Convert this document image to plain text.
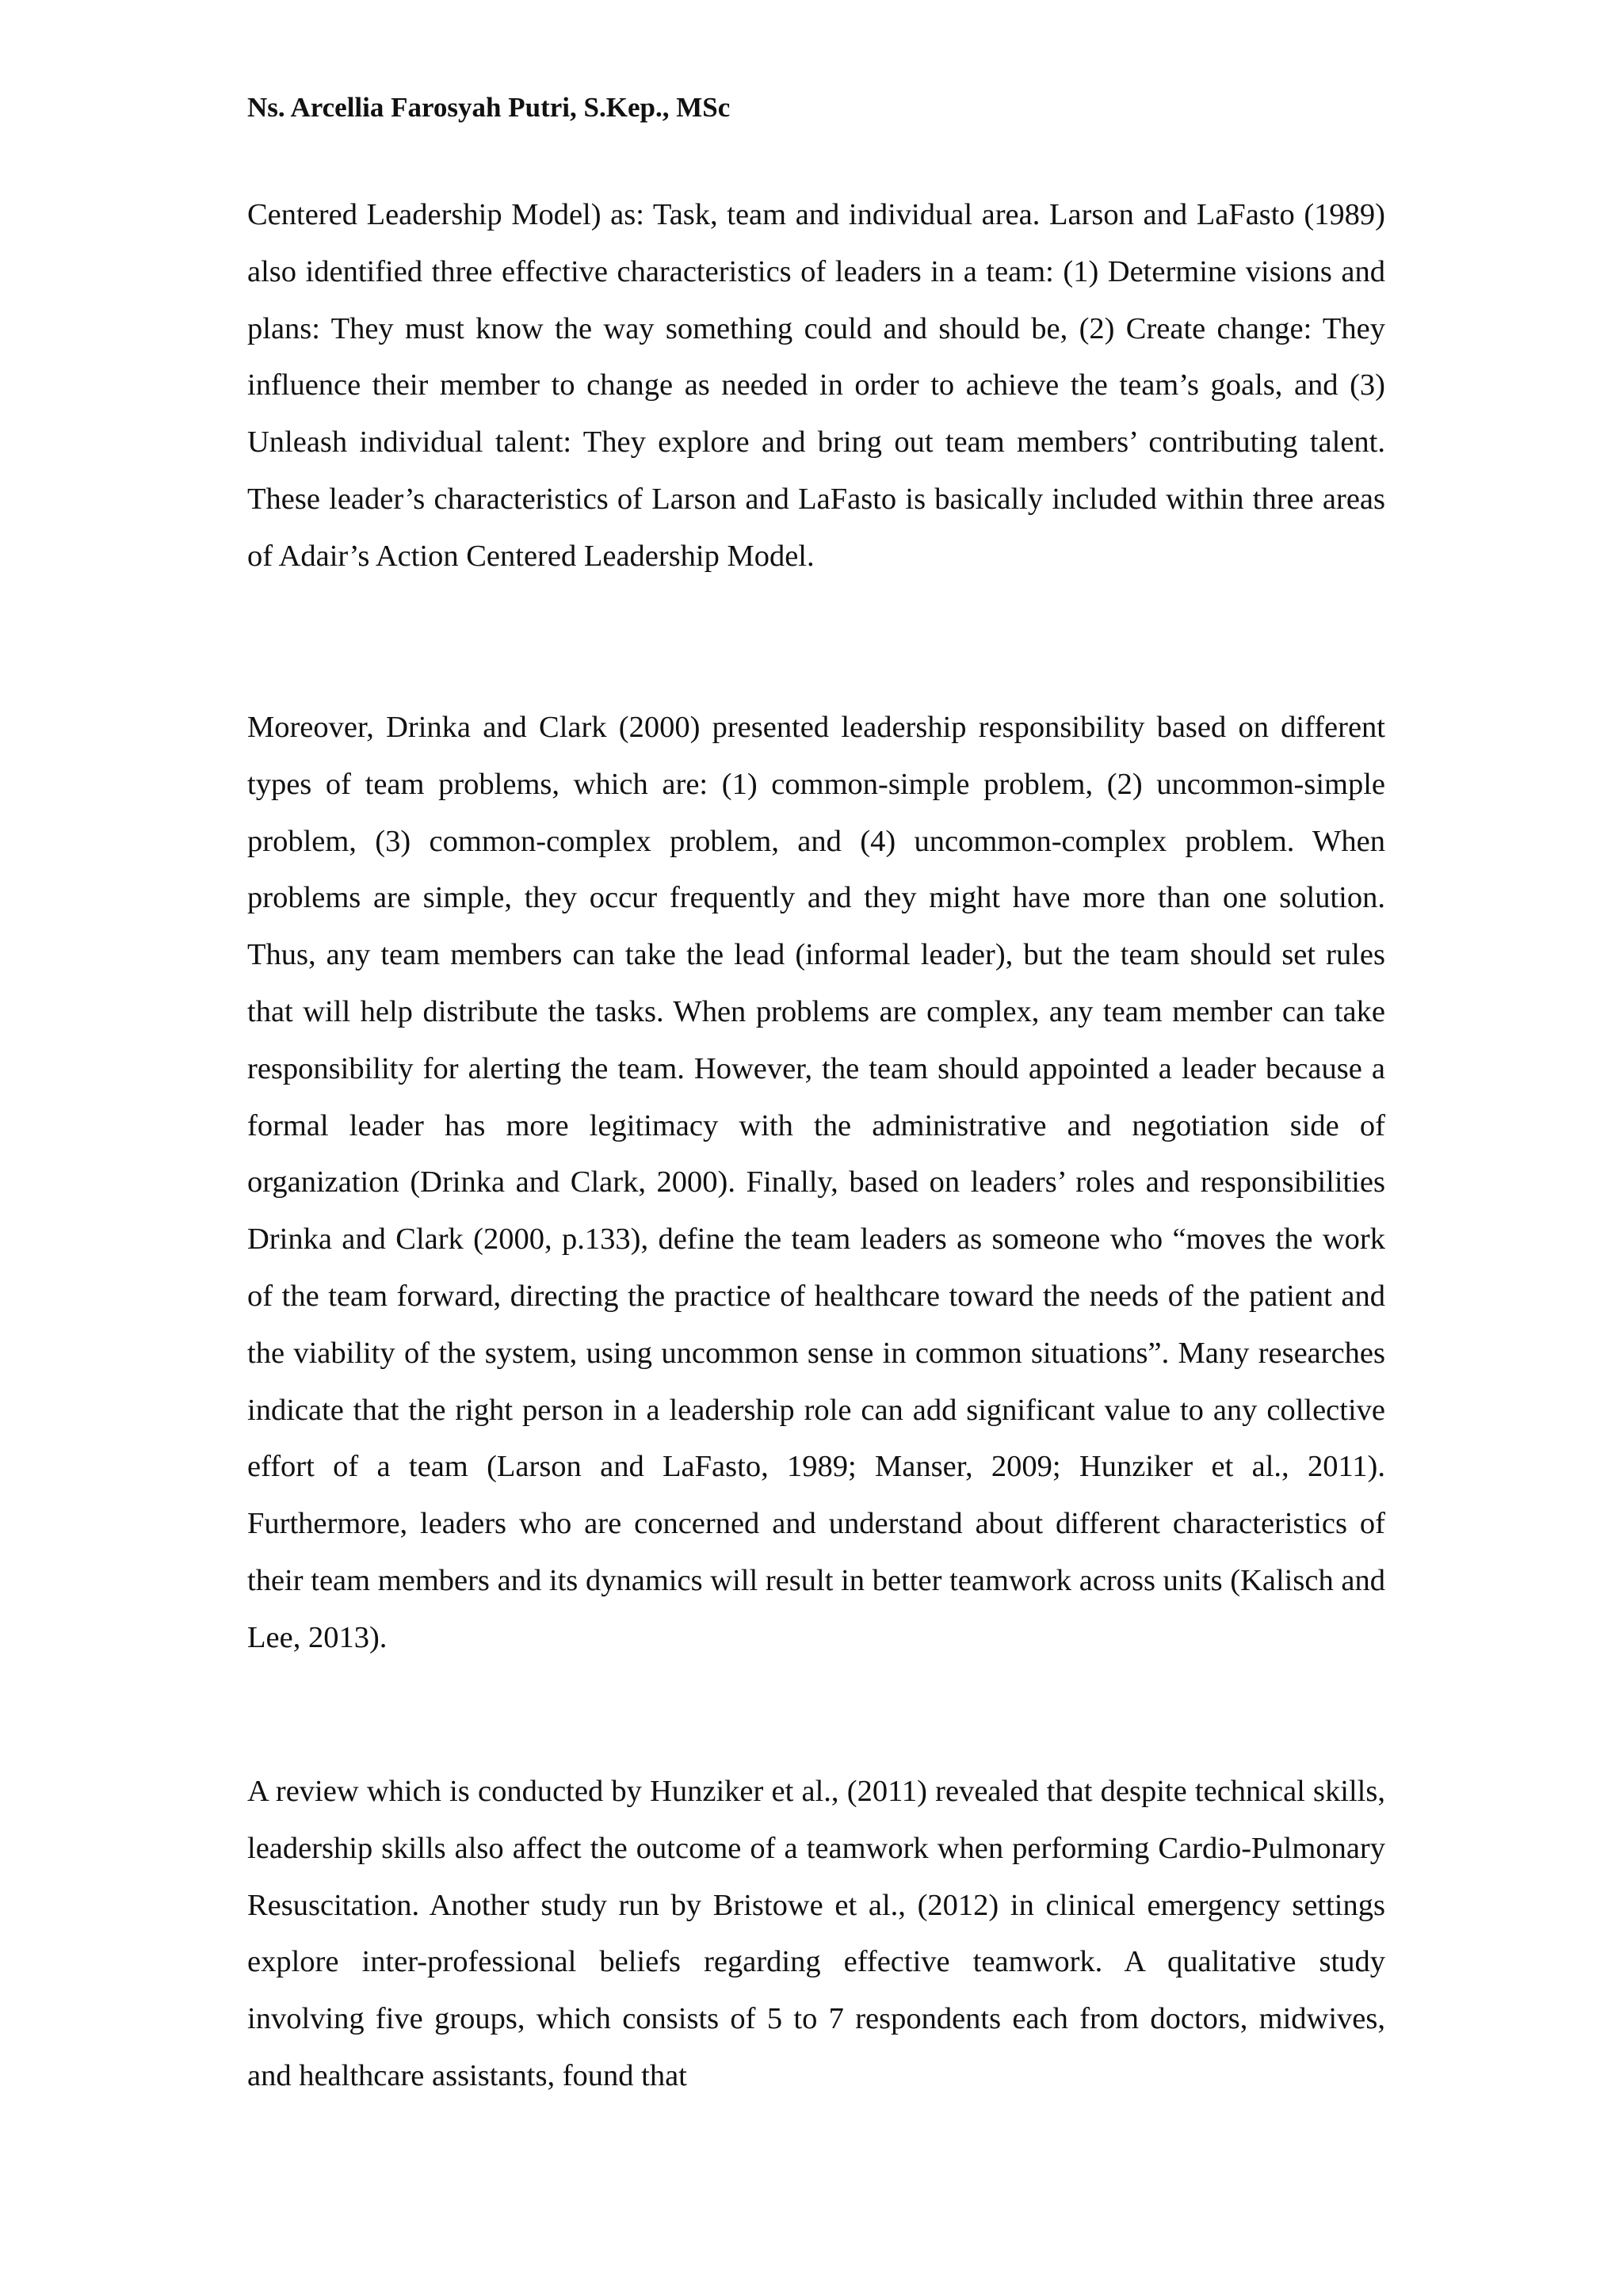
Ns. Arcellia Farosyah Putri, S.Kep., MSc

Centered Leadership Model) as: Task, team and individual area. Larson and LaFasto (1989) also identified three effective characteristics of leaders in a team: (1) Determine visions and plans: They must know the way something could and should be, (2) Create change: They influence their member to change as needed in order to achieve the team’s goals, and (3) Unleash individual talent: They explore and bring out team members’ contributing talent. These leader’s characteristics of Larson and LaFasto is basically included within three areas of Adair’s Action Centered Leadership Model.

Moreover, Drinka and Clark (2000) presented leadership responsibility based on different types of team problems, which are: (1) common-simple problem, (2) uncommon-simple problem, (3) common-complex problem, and (4) uncommon-complex problem. When problems are simple, they occur frequently and they might have more than one solution. Thus, any team members can take the lead (informal leader), but the team should set rules that will help distribute the tasks. When problems are complex, any team member can take responsibility for alerting the team. However, the team should appointed a leader because a formal leader has more legitimacy with the administrative and negotiation side of organization (Drinka and Clark, 2000). Finally, based on leaders’ roles and responsibilities Drinka and Clark (2000, p.133), define the team leaders as someone who “moves the work of the team forward, directing the practice of healthcare toward the needs of the patient and the viability of the system, using uncommon sense in common situations”. Many researches indicate that the right person in a leadership role can add significant value to any collective effort of a team (Larson and LaFasto, 1989; Manser, 2009; Hunziker et al., 2011). Furthermore, leaders who are concerned and understand about different characteristics of their team members and its dynamics will result in better teamwork across units (Kalisch and Lee, 2013).

A review which is conducted by Hunziker et al., (2011) revealed that despite technical skills, leadership skills also affect the outcome of a teamwork when performing Cardio-Pulmonary Resuscitation. Another study run by Bristowe et al., (2012) in clinical emergency settings explore inter-professional beliefs regarding effective teamwork. A qualitative study involving five groups, which consists of 5 to 7 respondents each from doctors, midwives, and healthcare assistants, found that
